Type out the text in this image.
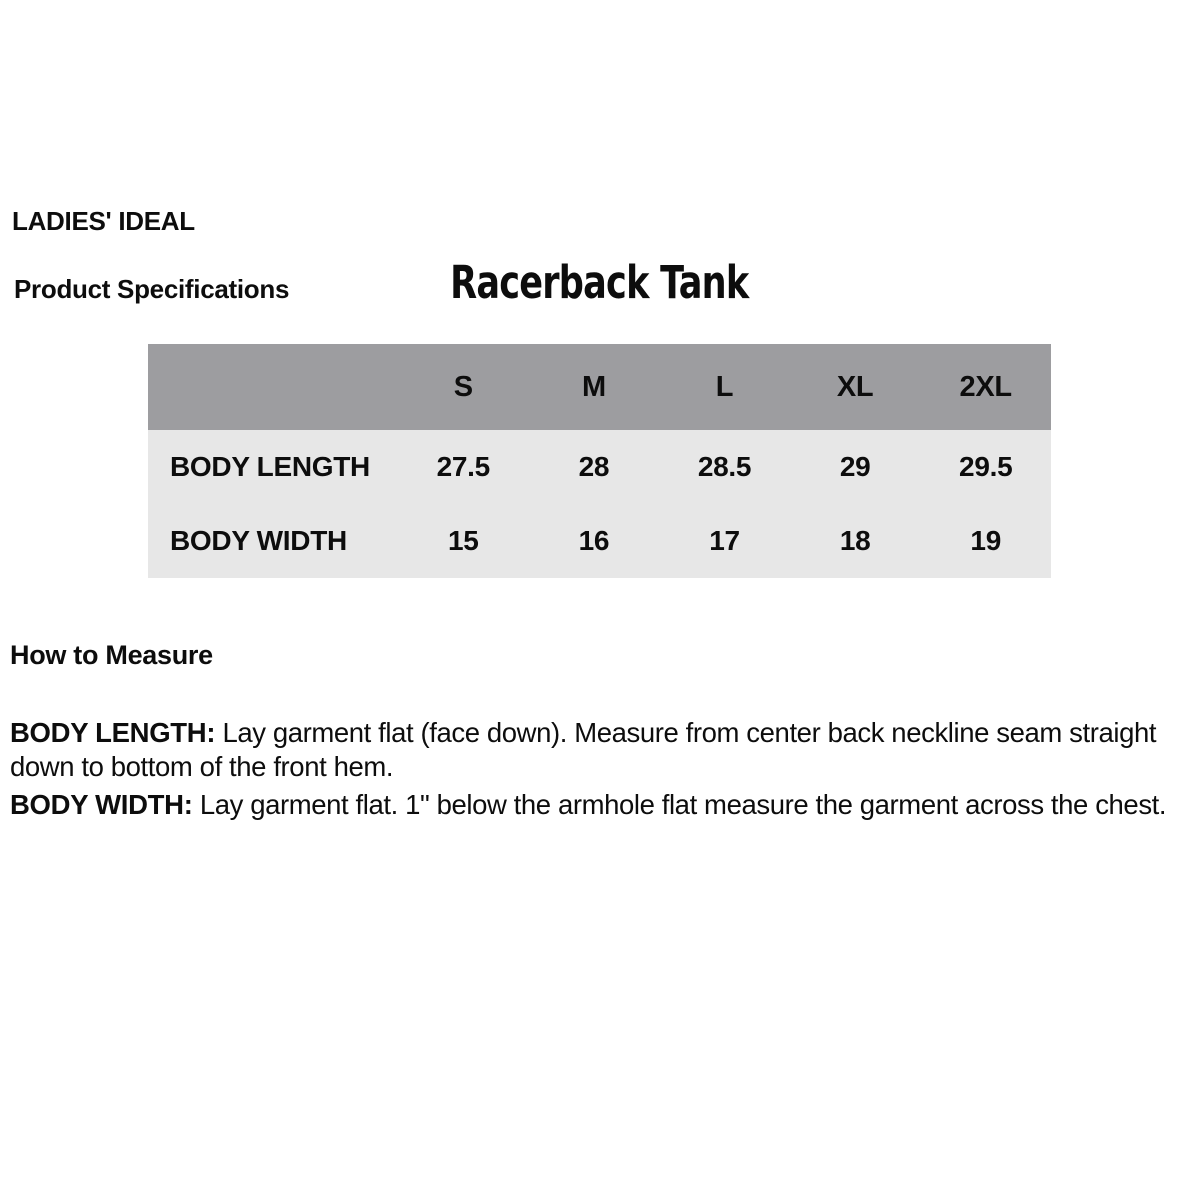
LADIES' IDEAL
Product Specifications	Racerback Tank
S	M	L	XL	2XL
BODY LENGTH	27.5	28	28.5	29	29.5
BODY WIDTH	15	16	17	18	19
How to Measure

BODY LENGTH: Lay garment flat (face down). Measure from center back neckline seam straight down to bottom of the front hem.

BODY WIDTH: Lay garment flat. 1" below the armhole flat measure the garment across the chest.
